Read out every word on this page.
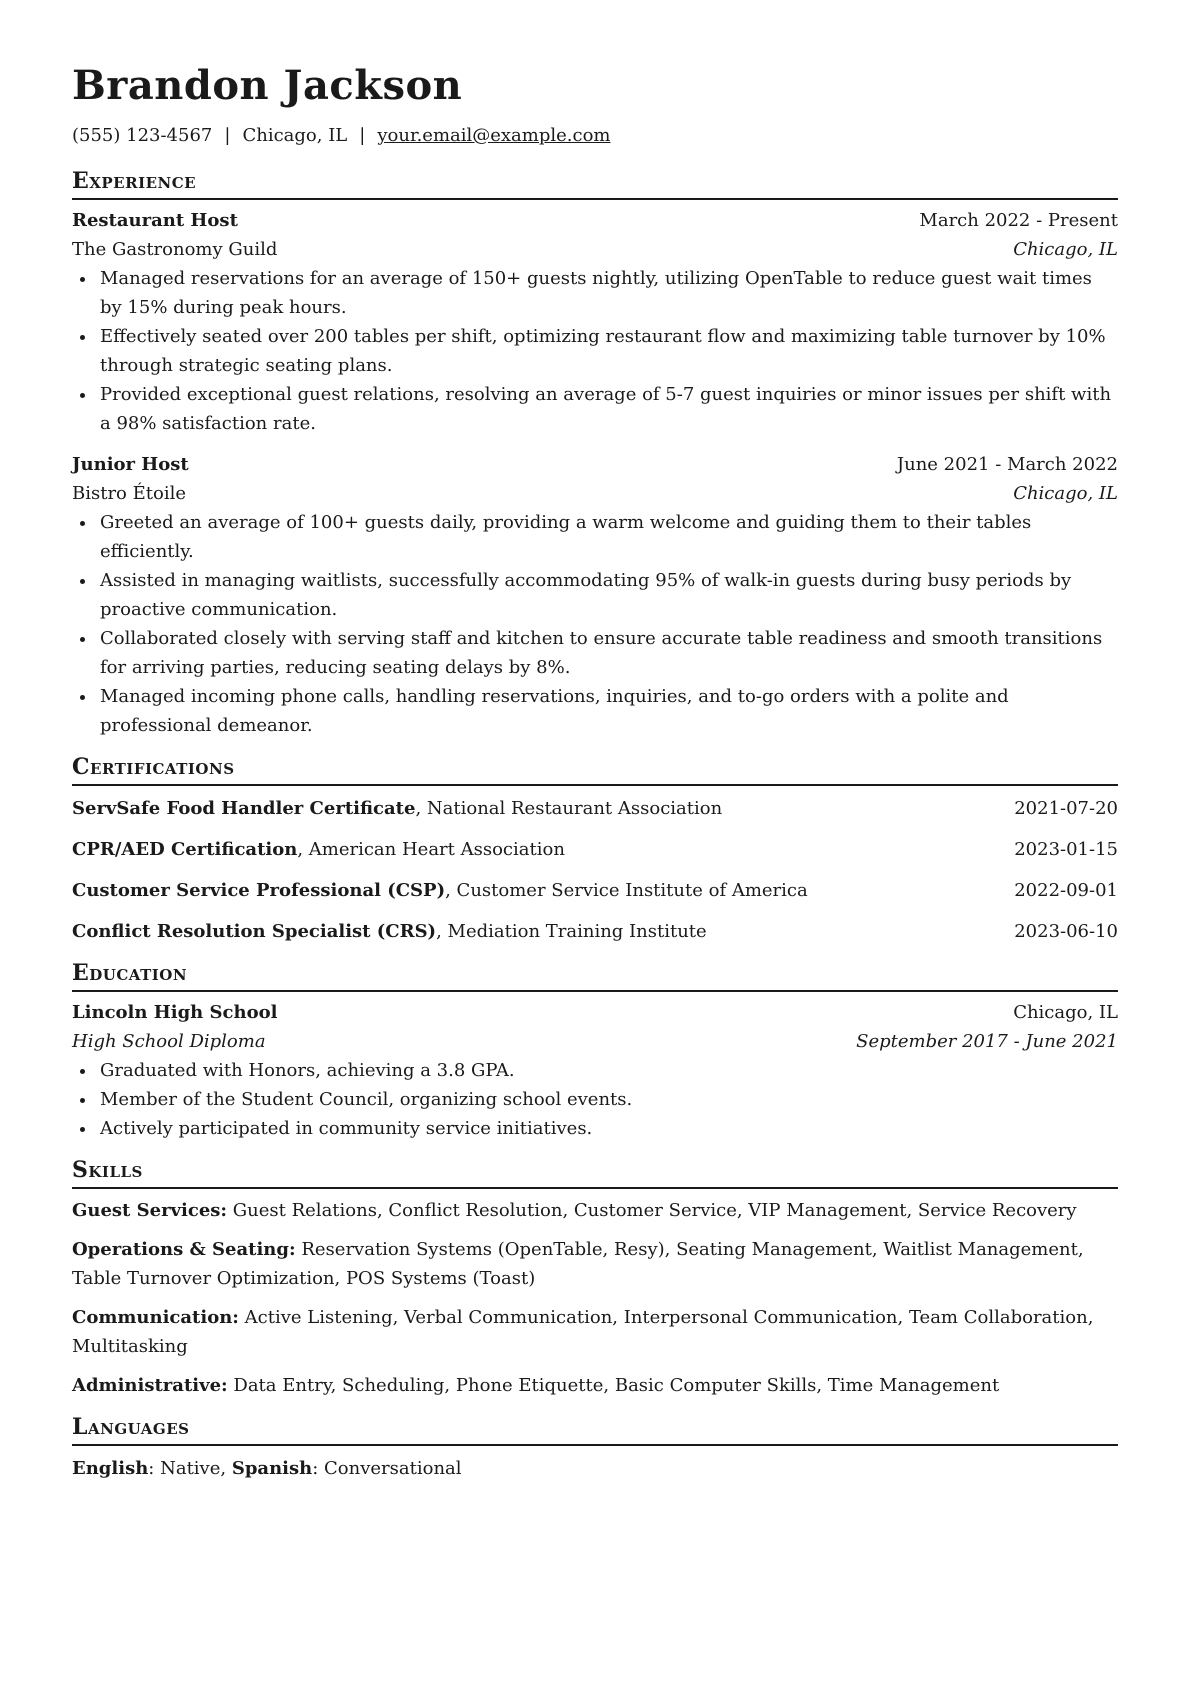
Brandon Jackson
(555) 123-4567 | Chicago, IL | your.email@example.com
Experience
Restaurant Host	March 2022 - Present
The Gastronomy Guild	Chicago, IL
Managed reservations for an average of 150+ guests nightly, utilizing OpenTable to reduce guest wait times by 15% during peak hours.
Effectively seated over 200 tables per shift, optimizing restaurant flow and maximizing table turnover by 10% through strategic seating plans.
Provided exceptional guest relations, resolving an average of 5-7 guest inquiries or minor issues per shift with a 98% satisfaction rate.
Junior Host	June 2021 - March 2022
Bistro Étoile	Chicago, IL
Greeted an average of 100+ guests daily, providing a warm welcome and guiding them to their tables efficiently.
Assisted in managing waitlists, successfully accommodating 95% of walk-in guests during busy periods by proactive communication.
Collaborated closely with serving staff and kitchen to ensure accurate table readiness and smooth transitions for arriving parties, reducing seating delays by 8%.
Managed incoming phone calls, handling reservations, inquiries, and to-go orders with a polite and professional demeanor.
Certifications
ServSafe Food Handler Certificate, National Restaurant Association	2021-07-20
CPR/AED Certification, American Heart Association	2023-01-15
Customer Service Professional (CSP), Customer Service Institute of America	2022-09-01
Conflict Resolution Specialist (CRS), Mediation Training Institute	2023-06-10
Education
Lincoln High School	Chicago, IL
High School Diploma	September 2017 - June 2021
Graduated with Honors, achieving a 3.8 GPA.
Member of the Student Council, organizing school events.
Actively participated in community service initiatives.
Skills
Guest Services: Guest Relations, Conflict Resolution, Customer Service, VIP Management, Service Recovery
Operations & Seating: Reservation Systems (OpenTable, Resy), Seating Management, Waitlist Management, Table Turnover Optimization, POS Systems (Toast)
Communication: Active Listening, Verbal Communication, Interpersonal Communication, Team Collaboration, Multitasking
Administrative: Data Entry, Scheduling, Phone Etiquette, Basic Computer Skills, Time Management
Languages
English: Native, Spanish: Conversational
